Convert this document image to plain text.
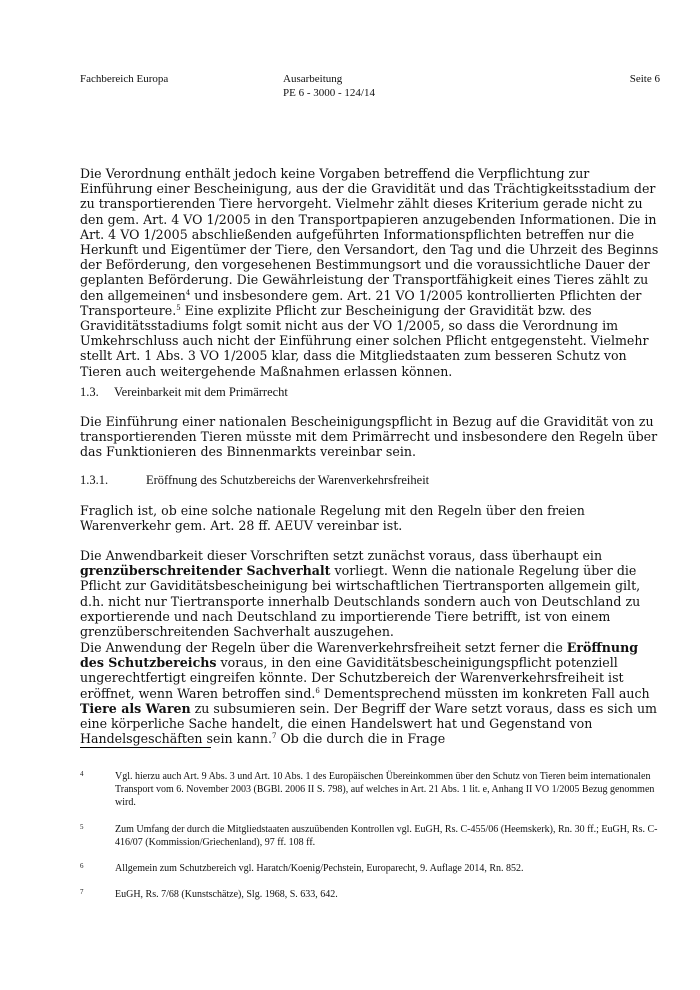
Fachbereich Europa	Ausarbeitung
PE 6 - 3000 - 124/14
Seite 6

Die Verordnung enthält jedoch keine Vorgaben betreffend die Verpflichtung zur Einführung einer Bescheinigung, aus der die Gravidität und das Trächtigkeitsstadium der zu transportierenden Tiere hervorgeht. Vielmehr zählt dieses Kriterium gerade nicht zu den gem. Art. 4 VO 1/2005 in den Transportpapieren anzugebenden Informationen. Die in Art. 4 VO 1/2005 abschließenden aufgeführten Informationspflichten betreffen nur die Herkunft und Eigentümer der Tiere, den Versandort, den Tag und die Uhrzeit des Beginns der Beförderung, den vorgesehenen Bestimmungsort und die voraussichtliche Dauer der geplanten Beförderung. Die Gewährleistung der Transportfähigkeit eines Tieres zählt zu den allgemeinen$^4$ und insbesondere gem. Art. 21 VO 1/2005 kontrollierten Pflichten der Transporteure.$^5$ Eine explizite Pflicht zur Bescheinigung der Gravidität bzw. des Graviditätsstadiums folgt somit nicht aus der VO 1/2005, so dass die Verordnung im Umkehrschluss auch nicht der Einführung einer solchen Pflicht entgegensteht. Vielmehr stellt Art. 1 Abs. 3 VO 1/2005 klar, dass die Mitgliedstaaten zum besseren Schutz von Tieren auch weitergehende Maßnahmen erlassen können.

1.3. Vereinbarkeit mit dem Primärrecht

Die Einführung einer nationalen Bescheinigungspflicht in Bezug auf die Gravidität von zu transportierenden Tieren müsste mit dem Primärrecht und insbesondere den Regeln über das Funktionieren des Binnenmarkts vereinbar sein.

1.3.1.	Eröffnung des Schutzbereichs der Warenverkehrsfreiheit

Fraglich ist, ob eine solche nationale Regelung mit den Regeln über den freien Warenverkehr gem. Art. 28 ff. AEUV vereinbar ist.

Die Anwendbarkeit dieser Vorschriften setzt zunächst voraus, dass überhaupt ein grenzüberschreitender Sachverhalt vorliegt. Wenn die nationale Regelung über die Pflicht zur Gaviditätsbescheinigung bei wirtschaftlichen Tiertransporten allgemein gilt, d.h. nicht nur Tiertransporte innerhalb Deutschlands sondern auch von Deutschland zu exportierende und nach Deutschland zu importierende Tiere betrifft, ist von einem grenzüberschreitenden Sachverhalt auszugehen.

Die Anwendung der Regeln über die Warenverkehrsfreiheit setzt ferner die Eröffnung des Schutzbereichs voraus, in den eine Gaviditätsbescheinigungspflicht potenziell ungerechtfertigt eingreifen könnte. Der Schutzbereich der Warenverkehrsfreiheit ist eröffnet, wenn Waren betroffen sind.$^6$ Dementsprechend müssten im konkreten Fall auch Tiere als Waren zu subsumieren sein. Der Begriff der Ware setzt voraus, dass es sich um eine körperliche Sache handelt, die einen Handelswert hat und Gegenstand von Handelsgeschäften sein kann.$^7$ Ob die durch die in Frage

4	Vgl. hierzu auch Art. 9 Abs. 3 und Art. 10 Abs. 1 des Europäischen Übereinkommen über den Schutz von Tieren beim internationalen Transport vom 6. November 2003 (BGBl. 2006 II S. 798), auf welches in Art. 21 Abs. 1 lit. e, Anhang II VO 1/2005 Bezug genommen wird.
5	Zum Umfang der durch die Mitgliedstaaten auszuübenden Kontrollen vgl. EuGH, Rs. C-455/06 (Heemskerk), Rn. 30 ff.; EuGH, Rs. C-416/07 (Kommission/Griechenland), 97 ff. 108 ff.
6	Allgemein zum Schutzbereich vgl. Haratch/Koenig/Pechstein, Europarecht, 9. Auflage 2014, Rn. 852.
7	EuGH, Rs. 7/68 (Kunstschätze), Slg. 1968, S. 633, 642.
